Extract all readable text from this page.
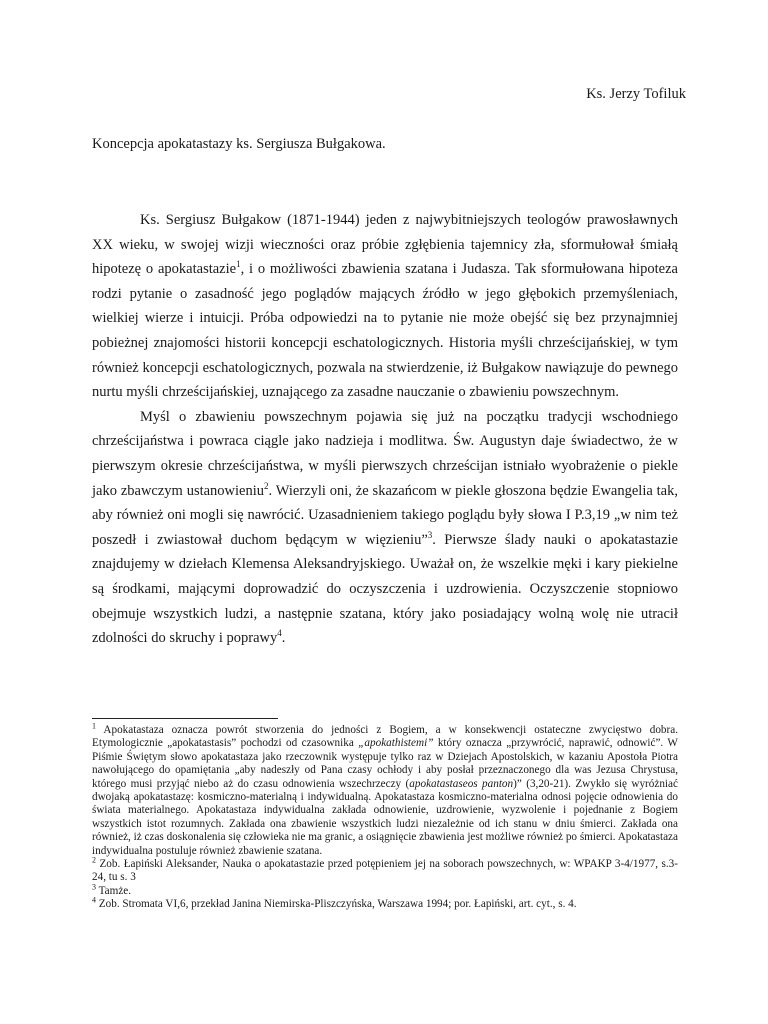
Ks. Jerzy Tofiluk
Koncepcja apokatastazy ks. Sergiusza Bułgakowa.

Ks. Sergiusz Bułgakow (1871-1944) jeden z najwybitniejszych teologów prawosławnych XX wieku, w swojej wizji wieczności oraz próbie zgłębienia tajemnicy zła, sformułował śmiałą hipotezę o apokatastazie$^1$, i o możliwości zbawienia szatana i Judasza. Tak sformułowana hipoteza rodzi pytanie o zasadność jego poglądów mających źródło w jego głębokich przemyśleniach, wielkiej wierze i intuicji. Próba odpowiedzi na to pytanie nie może obejść się bez przynajmniej pobieżnej znajomości historii koncepcji eschatologicznych. Historia myśli chrześcijańskiej, w tym również koncepcji eschatologicznych, pozwala na stwierdzenie, iż Bułgakow nawiązuje do pewnego nurtu myśli chrześcijańskiej, uznającego za zasadne nauczanie o zbawieniu powszechnym.

Myśl o zbawieniu powszechnym pojawia się już na początku tradycji wschodniego chrześcijaństwa i powraca ciągle jako nadzieja i modlitwa. Św. Augustyn daje świadectwo, że w pierwszym okresie chrześcijaństwa, w myśli pierwszych chrześcijan istniało wyobrażenie o piekle jako zbawczym ustanowieniu$^2$. Wierzyli oni, że skazańcom w piekle głoszona będzie Ewangelia tak, aby również oni mogli się nawrócić. Uzasadnieniem takiego poglądu były słowa I P.3,19 „w nim też poszedł i zwiastował duchom będącym w więzieniu”$^3$. Pierwsze ślady nauki o apokatastazie znajdujemy w dziełach Klemensa Aleksandryjskiego. Uważał on, że wszelkie męki i kary piekielne są środkami, mającymi doprowadzić do oczyszczenia i uzdrowienia. Oczyszczenie stopniowo obejmuje wszystkich ludzi, a następnie szatana, który jako posiadający wolną wolę nie utracił zdolności do skruchy i poprawy$^4$.

$^1$ Apokatastaza oznacza powrót stworzenia do jedności z Bogiem, a w konsekwencji ostateczne zwycięstwo dobra. Etymologicznie „apokatastasis” pochodzi od czasownika „apokathistemi” który oznacza „przywrócić, naprawić, odnowić”. W Piśmie Świętym słowo apokatastaza jako rzeczownik występuje tylko raz w Dziejach Apostolskich, w kazaniu Apostoła Piotra nawołującego do opamiętania „aby nadeszły od Pana czasy ochłody i aby posłał przeznaczonego dla was Jezusa Chrystusa, którego musi przyjąć niebo aż do czasu odnowienia wszechrzeczy (apokatastaseos panton)” (3,20-21). Zwykło się wyróżniać dwojaką apokatastazę: kosmiczno-materialną i indywidualną. Apokatastaza kosmiczno-materialna odnosi pojęcie odnowienia do świata materialnego. Apokatastaza indywidualna zakłada odnowienie, uzdrowienie, wyzwolenie i pojednanie z Bogiem wszystkich istot rozumnych. Zakłada ona zbawienie wszystkich ludzi niezależnie od ich stanu w dniu śmierci. Zakłada ona również, iż czas doskonalenia się człowieka nie ma granic, a osiągnięcie zbawienia jest możliwe również po śmierci. Apokatastaza indywidualna postuluje również zbawienie szatana.

$^2$ Zob. Łapiński Aleksander, Nauka o apokatastazie przed potępieniem jej na soborach powszechnych, w: WPAKP 3-4/1977, s.3-24, tu s. 3

$^3$ Tamże.

$^4$ Zob. Stromata VI,6, przekład Janina Niemirska-Pliszczyńska, Warszawa 1994; por. Łapiński, art. cyt., s. 4.
